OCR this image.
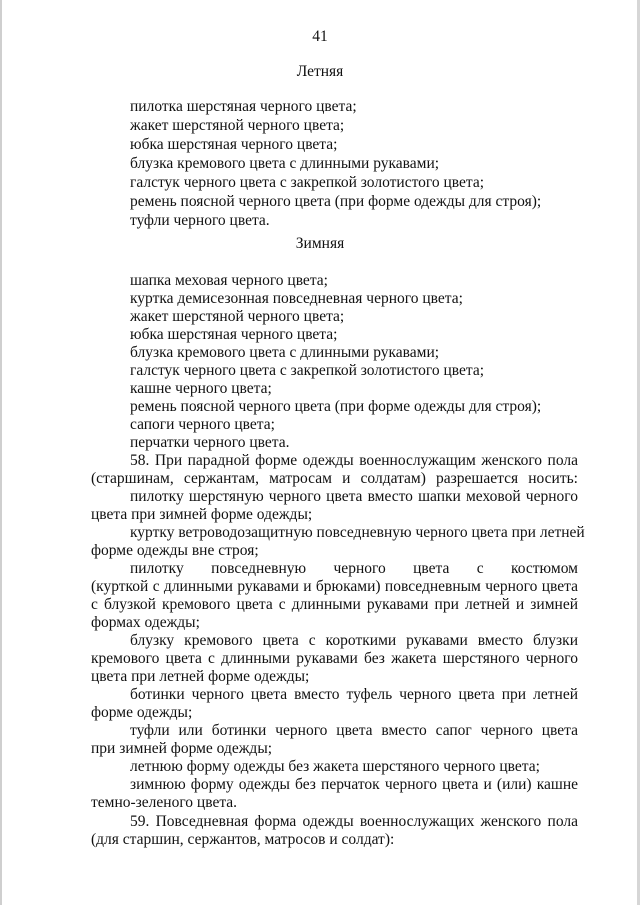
41
Летняя
пилотка шерстяная черного цвета;
жакет шерстяной черного цвета;
юбка шерстяная черного цвета;
блузка кремового цвета с длинными рукавами;
галстук черного цвета с закрепкой золотистого цвета;
ремень поясной черного цвета (при форме одежды для строя);
туфли черного цвета.
Зимняя
шапка меховая черного цвета;
куртка демисезонная повседневная черного цвета;
жакет шерстяной черного цвета;
юбка шерстяная черного цвета;
блузка кремового цвета с длинными рукавами;
галстук черного цвета с закрепкой золотистого цвета;
кашне черного цвета;
ремень поясной черного цвета (при форме одежды для строя);
сапоги черного цвета;
перчатки черного цвета.
58. При парадной форме одежды военнослужащим женского пола
(старшинам, сержантам, матросам и солдатам) разрешается носить:
пилотку шерстяную черного цвета вместо шапки меховой черного
цвета при зимней форме одежды;
куртку ветроводозащитную повседневную черного цвета при летней
форме одежды вне строя;
пилотку повседневную черного цвета с костюмом
(курткой с длинными рукавами и брюками) повседневным черного цвета
с блузкой кремового цвета с длинными рукавами при летней и зимней
формах одежды;
блузку кремового цвета с короткими рукавами вместо блузки
кремового цвета с длинными рукавами без жакета шерстяного черного
цвета при летней форме одежды;
ботинки черного цвета вместо туфель черного цвета при летней
форме одежды;
туфли или ботинки черного цвета вместо сапог черного цвета
при зимней форме одежды;
летнюю форму одежды без жакета шерстяного черного цвета;
зимнюю форму одежды без перчаток черного цвета и (или) кашне
темно-зеленого цвета.
59. Повседневная форма одежды военнослужащих женского пола
(для старшин, сержантов, матросов и солдат):
